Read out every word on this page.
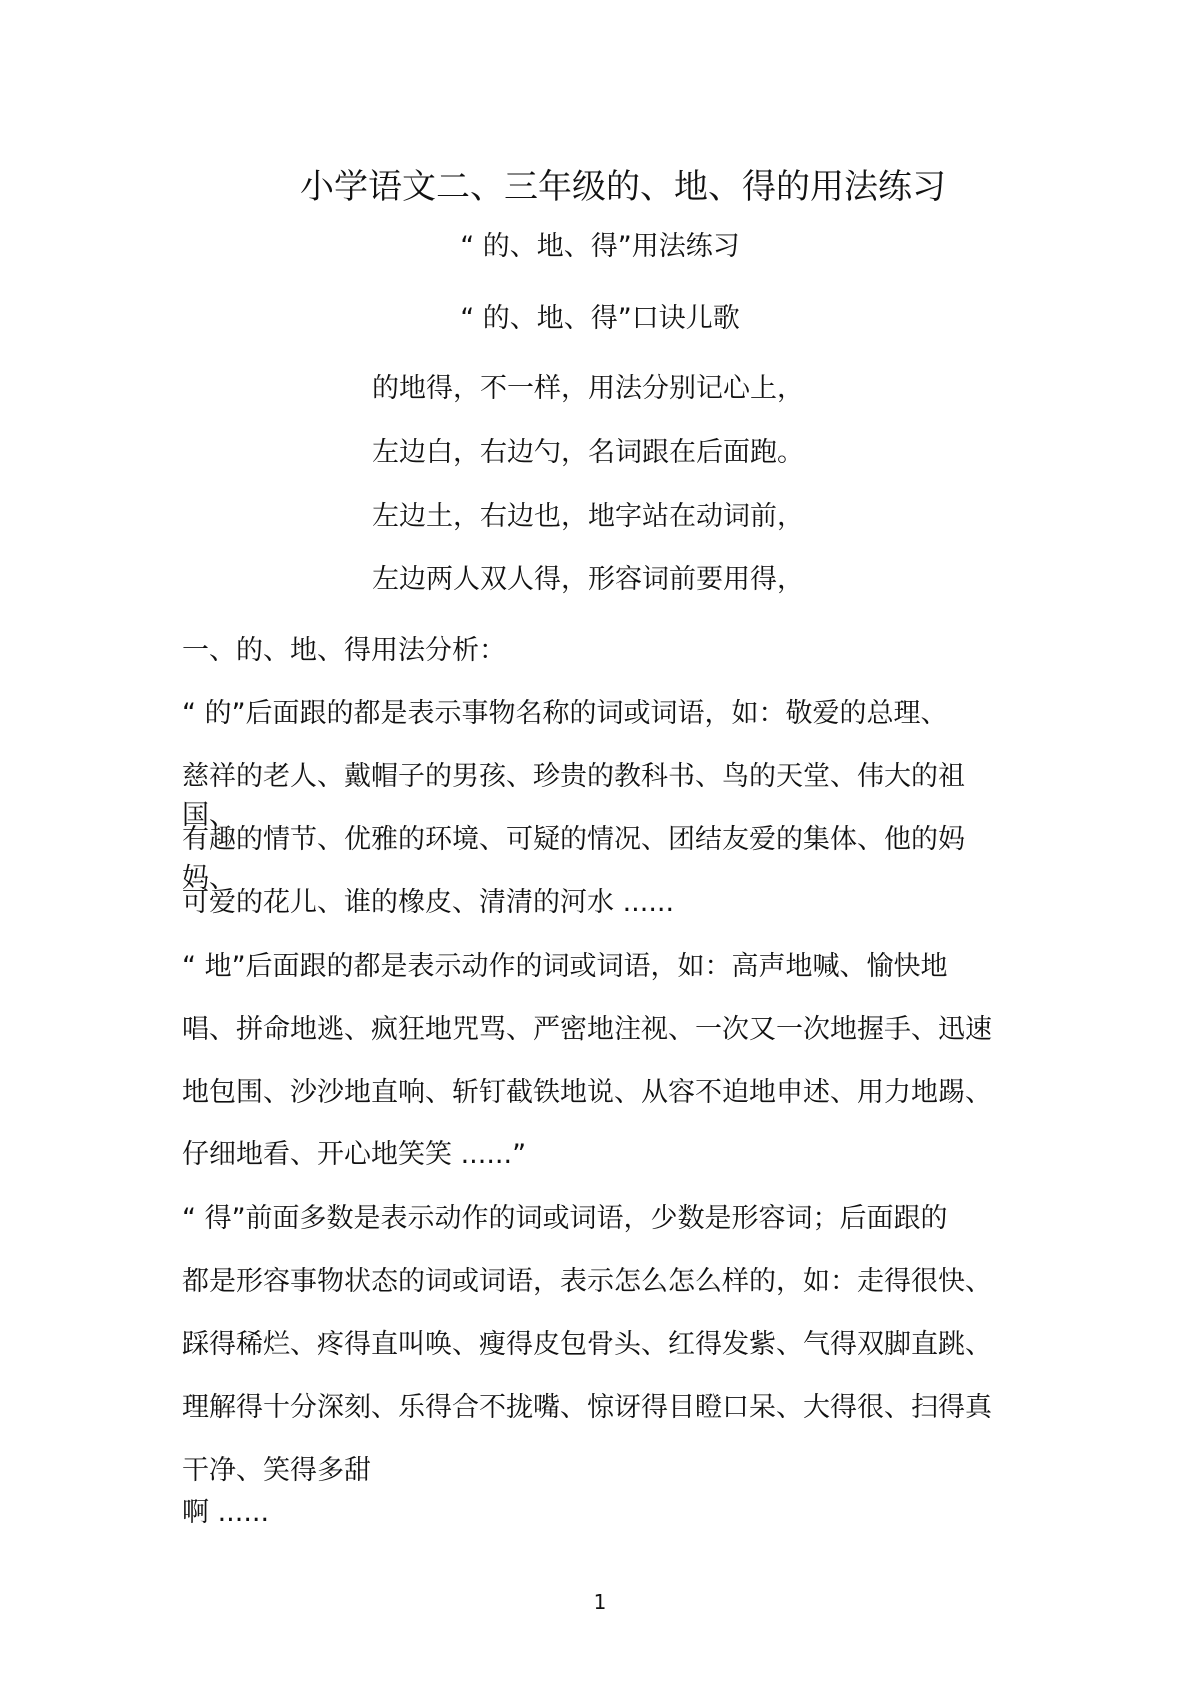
小学语文二、三年级的、地、得的用法练习
“ 的、地、得”用法练习
“ 的、地、得”口诀儿歌
的地得，不一样，用法分别记心上，
左边白，右边勺，名词跟在后面跑。
左边土，右边也，地字站在动词前，
左边两人双人得，形容词前要用得，
一、的、地、得用法分析：
“ 的”后面跟的都是表示事物名称的词或词语，如：敬爱的总理、
慈祥的老人、戴帽子的男孩、珍贵的教科书、鸟的天堂、伟大的祖
国、
有趣的情节、优雅的环境、可疑的情况、团结友爱的集体、他的妈
妈、
可爱的花儿、谁的橡皮、清清的河水 ......
“ 地”后面跟的都是表示动作的词或词语，如：高声地喊、愉快地
唱、拼命地逃、疯狂地咒骂、严密地注视、一次又一次地握手、迅速
地包围、沙沙地直响、斩钉截铁地说、从容不迫地申述、用力地踢、
仔细地看、开心地笑笑 ......”
“ 得”前面多数是表示动作的词或词语，少数是形容词；后面跟的
都是形容事物状态的词或词语，表示怎么怎么样的，如：走得很快、
踩得稀烂、疼得直叫唤、瘦得皮包骨头、红得发紫、气得双脚直跳、
理解得十分深刻、乐得合不拢嘴、惊讶得目瞪口呆、大得很、扫得真
干净、笑得多甜
啊 ......
1
